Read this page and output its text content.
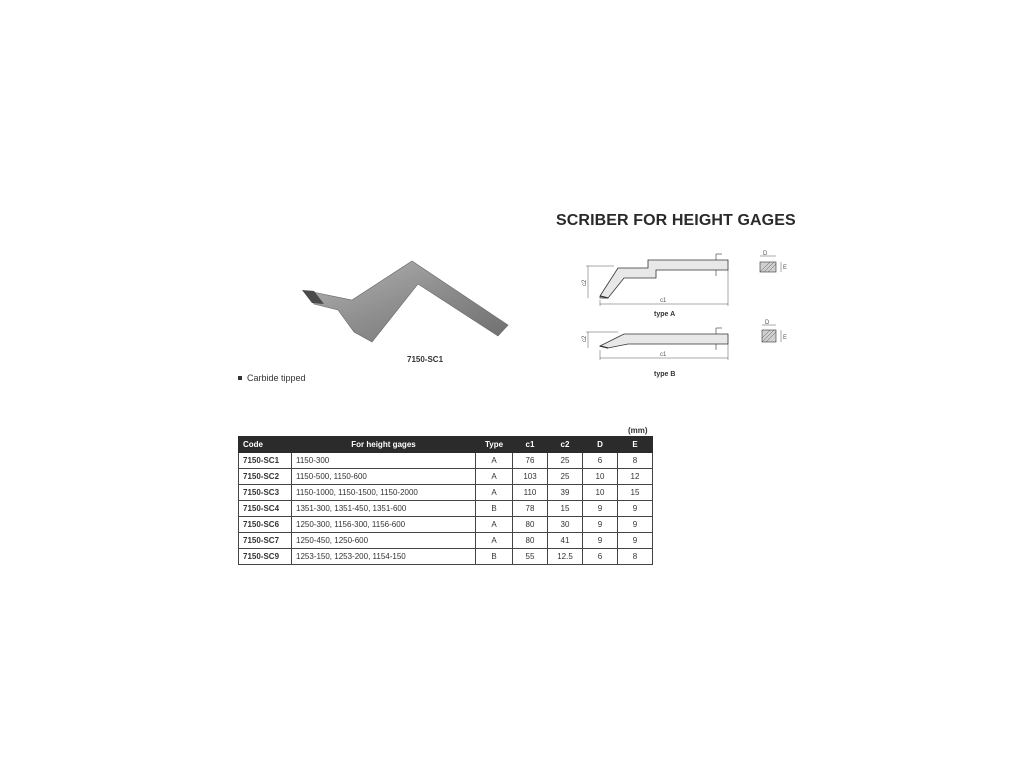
SCRIBER FOR HEIGHT GAGES
7150-SC1
Carbide tipped
c1
c2
type A
D
E
c1
c2
type B
D
E
(mm)
Code	For height gages	Type	c1	c2	D	E
7150-SC1	1150-300	A	76	25	6	8
7150-SC2	1150-500, 1150-600	A	103	25	10	12
7150-SC3	1150-1000, 1150-1500, 1150-2000	A	110	39	10	15
7150-SC4	1351-300, 1351-450, 1351-600	B	78	15	9	9
7150-SC6	1250-300, 1156-300, 1156-600	A	80	30	9	9
7150-SC7	1250-450, 1250-600	A	80	41	9	9
7150-SC9	1253-150, 1253-200, 1154-150	B	55	12.5	6	8
